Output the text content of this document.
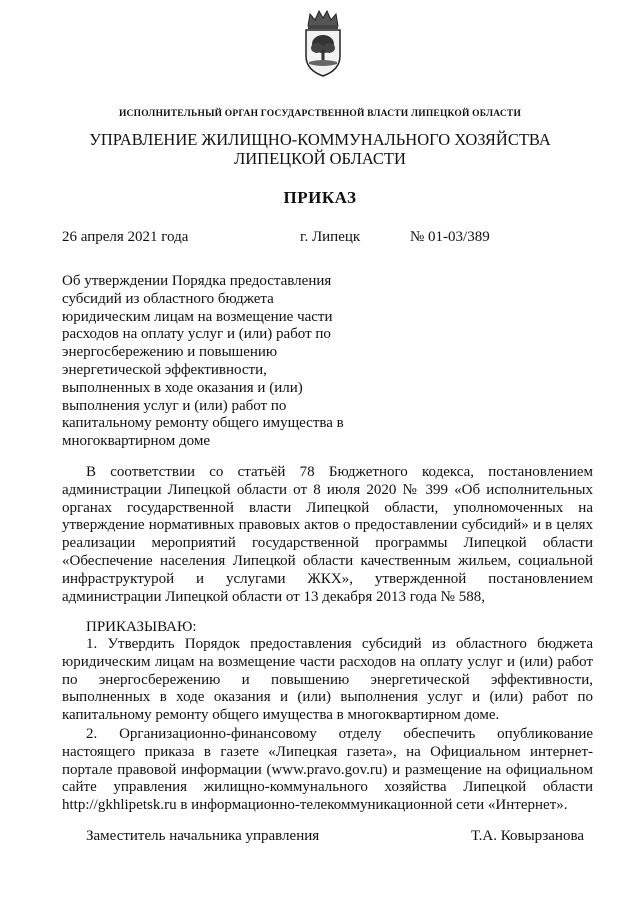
ИСПОЛНИТЕЛЬНЫЙ ОРГАН ГОСУДАРСТВЕННОЙ ВЛАСТИ ЛИПЕЦКОЙ ОБЛАСТИ
УПРАВЛЕНИЕ ЖИЛИЩНО-КОММУНАЛЬНОГО ХОЗЯЙСТВА
ЛИПЕЦКОЙ ОБЛАСТИ
ПРИКАЗ
26 апреля 2021 года	г. Липецк	№ 01-03/389
Об утверждении Порядка предоставления субсидий из областного бюджета юридическим лицам на возмещение части расходов на оплату услуг и (или) работ по энергосбережению и повышению энергетической эффективности, выполненных в ходе оказания и (или) выполнения услуг и (или) работ по капитальному ремонту общего имущества в многоквартирном доме
В соответствии со статьёй 78 Бюджетного кодекса, постановлением администрации Липецкой области от 8 июля 2020 № 399 «Об исполнительных органах государственной власти Липецкой области, уполномоченных на утверждение нормативных правовых актов о предоставлении субсидий» и в целях реализации мероприятий государственной программы Липецкой области «Обеспечение населения Липецкой области качественным жильем, социальной инфраструктурой и услугами ЖКХ», утвержденной постановлением администрации Липецкой области от 13 декабря 2013 года № 588,
ПРИКАЗЫВАЮ:
1. Утвердить Порядок предоставления субсидий из областного бюджета юридическим лицам на возмещение части расходов на оплату услуг и (или) работ по энергосбережению и повышению энергетической эффективности, выполненных в ходе оказания и (или) выполнения услуг и (или) работ по капитальному ремонту общего имущества в многоквартирном доме.
2. Организационно-финансовому отделу обеспечить опубликование настоящего приказа в газете «Липецкая газета», на Официальном интернет-портале правовой информации (www.pravo.gov.ru) и размещение на официальном сайте управления жилищно-коммунального хозяйства Липецкой области http://gkhlipetsk.ru в информационно-телекоммуникационной сети «Интернет».
Заместитель начальника управления	Т.А. Ковырзанова
